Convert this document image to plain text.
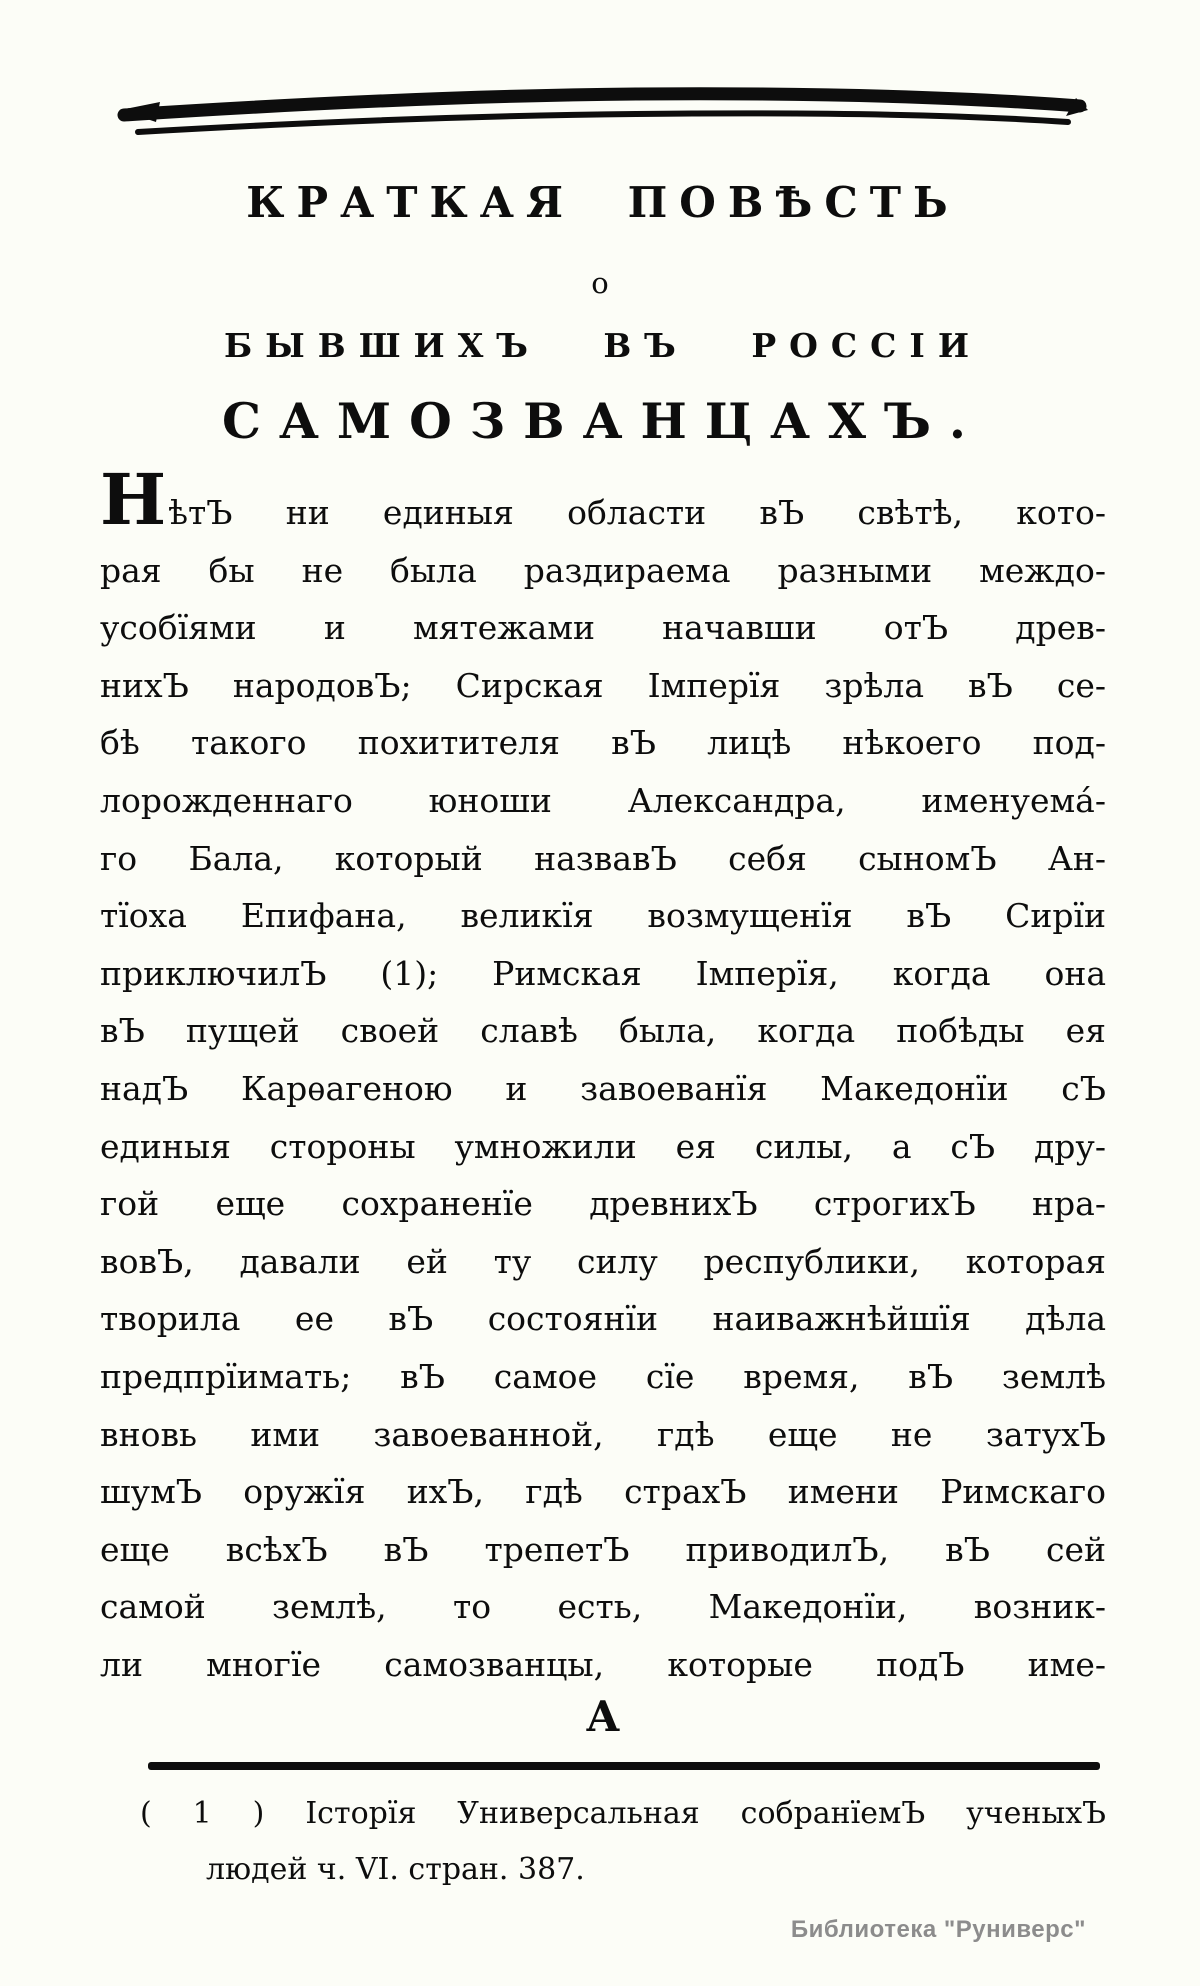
КРАТКАЯ ПОВѢСТЬ
о
БЫВШИХЪ ВЪ РОССІИ
САМОЗВАНЦАХЪ.
НѣтЪ ни единыя области вЪ свѣтѣ, кото-
рая бы не была раздираема разными междо-
усобїями и мятежами начавши отЪ древ-
нихЪ народовЪ; Сирская Імперїя зрѣла вЪ се-
бѣ такого похитителя вЪ лицѣ нѣкоего под-
лорожденнаго юноши Александра, именуема́-
го Бала, который назвавЪ себя сыномЪ Ан-
тїоха Епифана, великїя возмущенїя вЪ Сирїи
приключилЪ (1); Римская Імперїя, когда она
вЪ пущей своей славѣ была, когда побѣды ея
надЪ Карѳагеною и завоеванїя Македонїи сЪ
единыя стороны умножили ея силы, а сЪ дру-
гой еще сохраненїе древнихЪ строгихЪ нра-
вовЪ, давали ей ту силу республики, которая
творила ее вЪ состоянїи наиважнѣйшїя дѣла
предпрїимать; вЪ самое сїе время, вЪ землѣ
вновь ими завоеванной, гдѣ еще не затухЪ
шумЪ оружїя ихЪ, гдѣ страхЪ имени Римскаго
еще всѣхЪ вЪ трепетЪ приводилЪ, вЪ сей
самой землѣ, то есть, Македонїи, возник-
ли многїе самозванцы, которые подЪ име-
А
( 1 ) Історїя Универсальная собранїемЪ ученыхЪ
людей ч. VI. стран. 387.
Библиотека "Руниверс"
